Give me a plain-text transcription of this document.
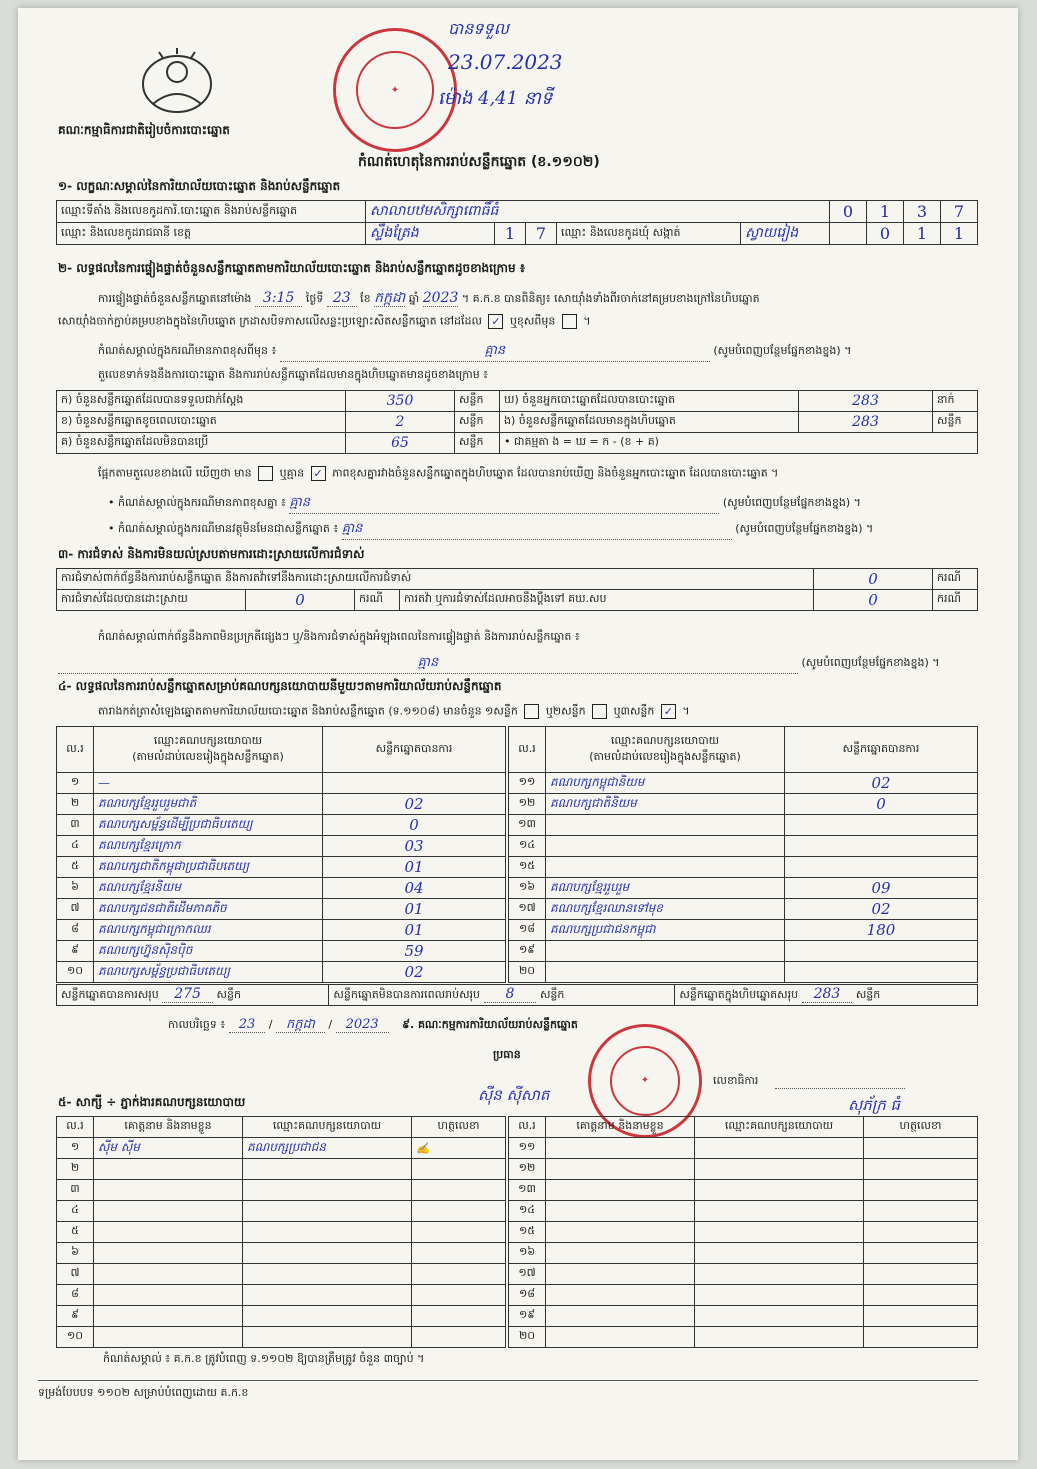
គណៈកម្មាធិការជាតិរៀបចំការបោះឆ្នោត
✦
បានទទួល
23.07.2023
ម៉ោង 4,41 នាទី
កំណត់ហេតុនៃការរាប់សន្លឹកឆ្នោត (ខ.១១០២)
១- លក្ខណៈសម្គាល់នៃការិយាល័យបោះឆ្នោត និងរាប់សន្លឹកឆ្នោត
ឈ្មោះទីតាំង និងលេខកូដការិ.បោះឆ្នោត និងរាប់សន្លឹកឆ្នោត	សាលាបឋមសិក្សាពោធិ៍ធំ					0	1	3	7
ឈ្មោះ និងលេខកូដរាជធានី ខេត្ត	ស្ទឹងត្រែង	1	7	ឈ្មោះ និងលេខកូដឃុំ សង្កាត់	ស្វាយរៀង		0	1	1
២- លទ្ធផលនៃការផ្ទៀងផ្ទាត់ចំនួនសន្លឹកឆ្នោតតាមការិយាល័យបោះឆ្នោត និងរាប់សន្លឹកឆ្នោតដូចខាងក្រោម ៖
ការផ្ទៀងផ្ទាត់ចំនួនសន្លឹកឆ្នោតនៅម៉ោង 3:15 ថ្ងៃទី 23 ខែ កក្កដា ឆ្នាំ 2023 ។ គ.ក.ខ បានពិនិត្យ៖ សោយ៉ាំងទាំងពីរចាក់នៅគម្របខាងក្រៅនៃហិបឆ្នោត
សោយ៉ាំងចាក់ភ្ជាប់គម្របខាងក្នុងនៃហិបឆ្នោត ក្រដាសបិទភាសលើសន្លះប្រឡោះសិតសន្លឹកឆ្នោត នៅដដែល ✓ ឬខុសពីមុន	។
កំណត់សម្គាល់ក្នុងករណីមានភាពខុសពីមុន ៖	គ្មាន	(សូមបំពេញបន្ថែមផ្នែកខាងខ្នង) ។
តួលេខទាក់ទងនឹងការបោះឆ្នោត និងការរាប់សន្លឹកឆ្នោតដែលមានក្នុងហិបឆ្នោតមានដូចខាងក្រោម ៖
ក) ចំនួនសន្លឹកឆ្នោតដែលបានទទួលជាក់ស្តែង	350	សន្លឹក	ឃ) ចំនួនអ្នកបោះឆ្នោតដែលបានបោះឆ្នោត	283	នាក់
ខ) ចំនួនសន្លឹកឆ្នោតខូចពេលបោះឆ្នោត	2	សន្លឹក	ង) ចំនួនសន្លឹកឆ្នោតដែលមានក្នុងហិបឆ្នោត	283	សន្លឹក
គ) ចំនួនសន្លឹកឆ្នោតដែលមិនបានប្រើ	65	សន្លឹក	• ជាគម្មតា ង = ឃ = ក - (ខ + គ)		
ផ្អែកតាមតួលេខខាងលើ ឃើញថា មាន	ឬគ្មាន ✓ ភាពខុសគ្នារវាងចំនួនសន្លឹកឆ្នោតក្នុងហិបឆ្នោត ដែលបានរាប់ឃើញ និងចំនួនអ្នកបោះឆ្នោត ដែលបានបោះឆ្នោត ។
• កំណត់សម្គាល់ក្នុងករណីមានភាពខុសគ្នា ៖ គ្មាន	(សូមបំពេញបន្ថែមផ្នែកខាងខ្នង) ។
• កំណត់សម្គាល់ក្នុងករណីមានវត្ថុមិនមែនជាសន្លឹកឆ្នោត ៖ គ្មាន	(សូមបំពេញបន្ថែមផ្នែកខាងខ្នង) ។
៣- ការជំទាស់ និងការមិនយល់ស្របតាមការដោះស្រាយលើការជំទាស់
ការជំទាស់ពាក់ព័ន្ធនឹងការរាប់សន្លឹកឆ្នោត និងការតវ៉ាទៅនឹងការដោះស្រាយលើការជំទាស់				0	ករណី
ការជំទាស់ដែលបានដោះស្រាយ	0	ករណី	ការតវ៉ា ឬការជំទាស់ដែលអាចនឹងប្តឹងទៅ គឃ.សប	0	ករណី
កំណត់សម្គាល់ពាក់ព័ន្ធនឹងភាពមិនប្រក្រតីផ្សេងៗ ឬ/និងការជំទាស់ក្នុងអំឡុងពេលនៃការផ្ទៀងផ្ទាត់ និងការរាប់សន្លឹកឆ្នោត ៖
គ្មាន	(សូមបំពេញបន្ថែមផ្នែកខាងខ្នង) ។
៤- លទ្ធផលនៃការរាប់សន្លឹកឆ្នោតសម្រាប់គណបក្សនយោបាយនីមួយៗតាមការិយាល័យរាប់សន្លឹកឆ្នោត
តារាងកត់ត្រាសំឡេងឆ្នោតតាមការិយាល័យបោះឆ្នោត និងរាប់សន្លឹកឆ្នោត (ទ.១១០៨) មានចំនួន ១សន្លឹក	ឬ២សន្លឹក	ឬ៣សន្លឹក ✓ ។
ល.រ	ឈ្មោះគណបក្សនយោបាយ
(តាមលំដាប់លេខរៀងក្នុងសន្លឹកឆ្នោត)	សន្លឹកឆ្នោតបានការ
១	—	
២	គណបក្សខ្មែររួបរួមជាតិ	02
៣	គណបក្សសម្ព័ន្ធដើម្បីប្រជាធិបតេយ្យ	0
៤	គណបក្សខ្មែរក្រោក	03
៥	គណបក្សជាតិកម្ពុជាប្រជាធិបតេយ្យ	01
៦	គណបក្សខ្មែរនិយម	04
៧	គណបក្សជនជាតិដើមភាគតិច	01
៨	គណបក្សកម្ពុជាក្រោកឈរ	01
៩	គណបក្សហ្វ៊ុនស៊ិនប៉ិច	59
១០	គណបក្សសម្ព័ន្ធប្រជាធិបតេយ្យ	02
ល.រ	ឈ្មោះគណបក្សនយោបាយ
(តាមលំដាប់លេខរៀងក្នុងសន្លឹកឆ្នោត)	សន្លឹកឆ្នោតបានការ
១១	គណបក្សកម្ពុជានិយម	02
១២	គណបក្សជាតិនិយម	0
១៣		
១៤		
១៥		
១៦	គណបក្សខ្មែររួបរួម	09
១៧	គណបក្សខ្មែរឈានទៅមុខ	02
១៨	គណបក្សប្រជាជនកម្ពុជា	180
១៩		
២០		
សន្លឹកឆ្នោតបានការសរុប 275 សន្លឹក	សន្លឹកឆ្នោតមិនបានការពេលរាប់សរុប 8 សន្លឹក	សន្លឹកឆ្នោតក្នុងហិបឆ្នោតសរុប 283 សន្លឹក
កាលបរិច្ឆេទ ៖ 23 / កក្កដា / 2023 ៩. គណៈកម្មការការិយាល័យរាប់សន្លឹកឆ្នោត
ប្រធាន
✦
ស៊ីន ស៊ីសាត
លេខាធិការ
សុភ័ក្រ ធំ
៥- សាក្សី ÷ ភ្នាក់ងារគណបក្សនយោបាយ
ល.រ	គោត្តនាម និងនាមខ្លួន	ឈ្មោះគណបក្សនយោបាយ	ហត្ថលេខា
១	ស៊ីម ស៊ីម	គណបក្សប្រជាជន	✍
២			
៣			
៤			
៥			
៦			
៧			
៨			
៩			
១០			
ល.រ	គោត្តនាម និងនាមខ្លួន	ឈ្មោះគណបក្សនយោបាយ	ហត្ថលេខា
១១			
១២			
១៣			
១៤			
១៥			
១៦			
១៧			
១៨			
១៩			
២០			
កំណត់សម្គាល់ ៖ គ.ក.ខ ត្រូវបំពេញ ទ.១១០២ ឱ្យបានត្រឹមត្រូវ ចំនួន ៣ច្បាប់ ។
ទម្រង់បែបបទ ១១០២ សម្រាប់បំពេញដោយ គ.ក.ខ
